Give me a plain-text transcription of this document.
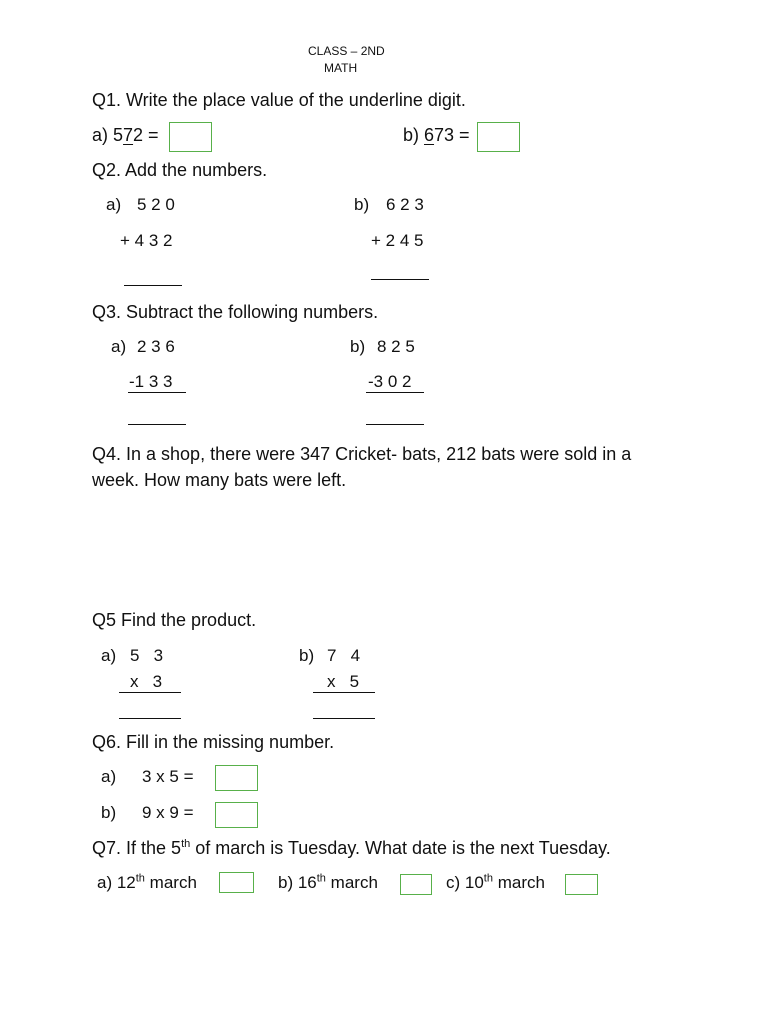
CLASS – 2ND
MATH
Q1. Write the place value of the underline digit.
a) 572 =	b) 673 =
Q2. Add the numbers.
a) 5 2 0
+ 4 3 2
b) 6 2 3
+ 2 4 5
Q3. Subtract the following numbers.
a) 2 3 6
-1 3 3
b) 8 2 5
-3 0 2
Q4. In a shop, there were 347 Cricket- bats, 212 bats were sold in a week. How many bats were left.
Q5 Find the product.
a) 5   3
x   3
b) 7   4
x   5
Q6. Fill in the missing number.
a) 3 x 5 =
b) 9 x 9 =
Q7. If the 5th of march is Tuesday. What date is the next Tuesday.
a) 12th march	b) 16th march	c) 10th march
